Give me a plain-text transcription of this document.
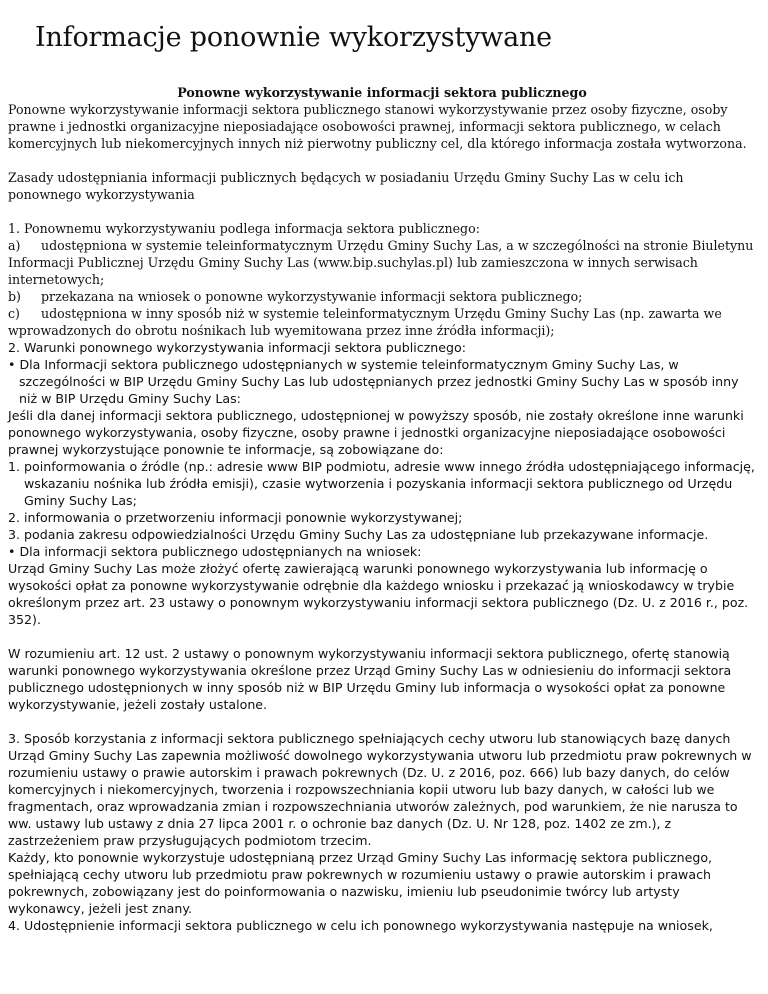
Informacje ponownie wykorzystywane

Ponowne wykorzystywanie informacji sektora publicznego

Ponowne wykorzystywanie informacji sektora publicznego stanowi wykorzystywanie przez osoby fizyczne, osoby prawne i jednostki organizacyjne nieposiadające osobowości prawnej, informacji sektora publicznego, w celach komercyjnych lub niekomercyjnych innych niż pierwotny publiczny cel, dla którego informacja została wytworzona.

Zasady udostępniania informacji publicznych będących w posiadaniu Urzędu Gminy Suchy Las w celu ich ponownego wykorzystywania

1. Ponownemu wykorzystywaniu podlega informacja sektora publicznego:

a) udostępniona w systemie teleinformatycznym Urzędu Gminy Suchy Las, a w szczególności na stronie Biuletynu Informacji Publicznej Urzędu Gminy Suchy Las (www.bip.suchylas.pl) lub zamieszczona w innych serwisach internetowych;

b) przekazana na wniosek o ponowne wykorzystywanie informacji sektora publicznego;

c) udostępniona w inny sposób niż w systemie teleinformatycznym Urzędu Gminy Suchy Las (np. zawarta we wprowadzonych do obrotu nośnikach lub wyemitowana przez inne źródła informacji);

2. Warunki ponownego wykorzystywania informacji sektora publicznego:

• Dla Informacji sektora publicznego udostępnianych w systemie teleinformatycznym Gminy Suchy Las, w szczególności w BIP Urzędu Gminy Suchy Las lub udostępnianych przez jednostki Gminy Suchy Las w sposób inny niż w BIP Urzędu Gminy Suchy Las:

Jeśli dla danej informacji sektora publicznego, udostępnionej w powyższy sposób, nie zostały określone inne warunki ponownego wykorzystywania, osoby fizyczne, osoby prawne i jednostki organizacyjne nieposiadające osobowości prawnej wykorzystujące ponownie te informacje, są zobowiązane do:

1. poinformowania o źródle (np.: adresie www BIP podmiotu, adresie www innego źródła udostępniającego informację, wskazaniu nośnika lub źródła emisji), czasie wytworzenia i pozyskania informacji sektora publicznego od Urzędu Gminy Suchy Las;
2. informowania o przetworzeniu informacji ponownie wykorzystywanej;
3. podania zakresu odpowiedzialności Urzędu Gminy Suchy Las za udostępniane lub przekazywane informacje.
• Dla informacji sektora publicznego udostępnianych na wniosek:

Urząd Gminy Suchy Las może złożyć ofertę zawierającą warunki ponownego wykorzystywania lub informację o wysokości opłat za ponowne wykorzystywanie odrębnie dla każdego wniosku i przekazać ją wnioskodawcy w trybie określonym przez art. 23 ustawy o ponownym wykorzystywaniu informacji sektora publicznego (Dz. U. z 2016 r., poz. 352).

W rozumieniu art. 12 ust. 2 ustawy o ponownym wykorzystywaniu informacji sektora publicznego, ofertę stanowią warunki ponownego wykorzystywania określone przez Urząd Gminy Suchy Las w odniesieniu do informacji sektora publicznego udostępnionych w inny sposób niż w BIP Urzędu Gminy lub informacja o wysokości opłat za ponowne wykorzystywanie, jeżeli zostały ustalone.

3. Sposób korzystania z informacji sektora publicznego spełniających cechy utworu lub stanowiących bazę danych

Urząd Gminy Suchy Las zapewnia możliwość dowolnego wykorzystywania utworu lub przedmiotu praw pokrewnych w rozumieniu ustawy o prawie autorskim i prawach pokrewnych (Dz. U. z 2016, poz. 666) lub bazy danych, do celów komercyjnych i niekomercyjnych, tworzenia i rozpowszechniania kopii utworu lub bazy danych, w całości lub we fragmentach, oraz wprowadzania zmian i rozpowszechniania utworów zależnych, pod warunkiem, że nie narusza to ww. ustawy lub ustawy z dnia 27 lipca 2001 r. o ochronie baz danych (Dz. U. Nr 128, poz. 1402 ze zm.), z zastrzeżeniem praw przysługujących podmiotom trzecim.

Każdy, kto ponownie wykorzystuje udostępnianą przez Urząd Gminy Suchy Las informację sektora publicznego, spełniającą cechy utworu lub przedmiotu praw pokrewnych w rozumieniu ustawy o prawie autorskim i prawach pokrewnych, zobowiązany jest do poinformowania o nazwisku, imieniu lub pseudonimie twórcy lub artysty wykonawcy, jeżeli jest znany.

4. Udostępnienie informacji sektora publicznego w celu ich ponownego wykorzystywania następuje na wniosek,
